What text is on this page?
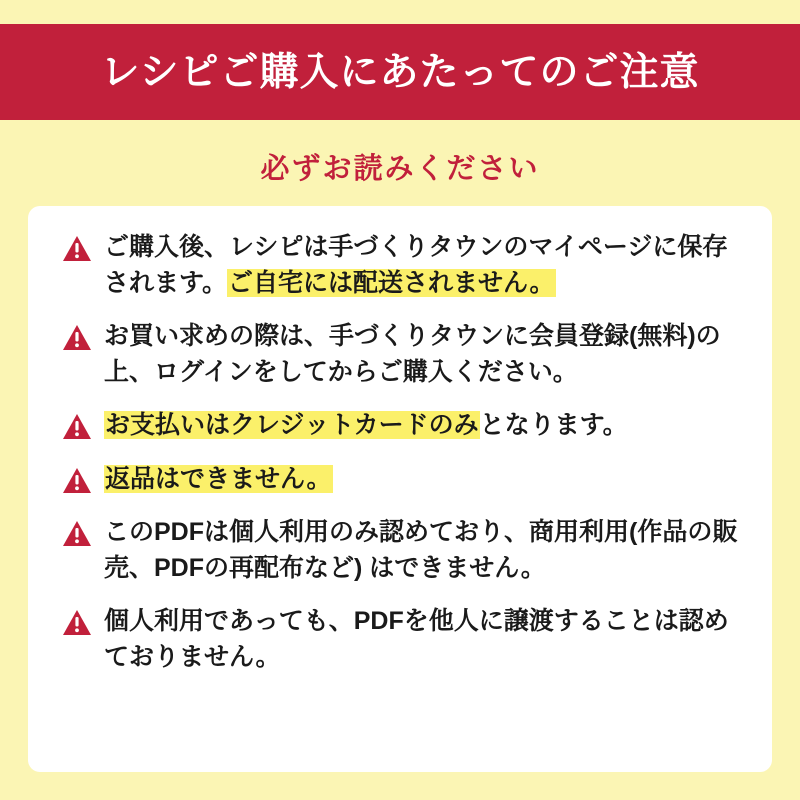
レシピご購入にあたってのご注意
必ずお読みください
ご購入後、レシピは手づくりタウンのマイページに保存されます。ご自宅には配送されません。
お買い求めの際は、手づくりタウンに会員登録(無料)の上、ログインをしてからご購入ください。
お支払いはクレジットカードのみとなります。
返品はできません。
このPDFは個人利用のみ認めており、商用利用(作品の販売、PDFの再配布など) はできません。
個人利用であっても、PDFを他人に譲渡することは認めておりません。
